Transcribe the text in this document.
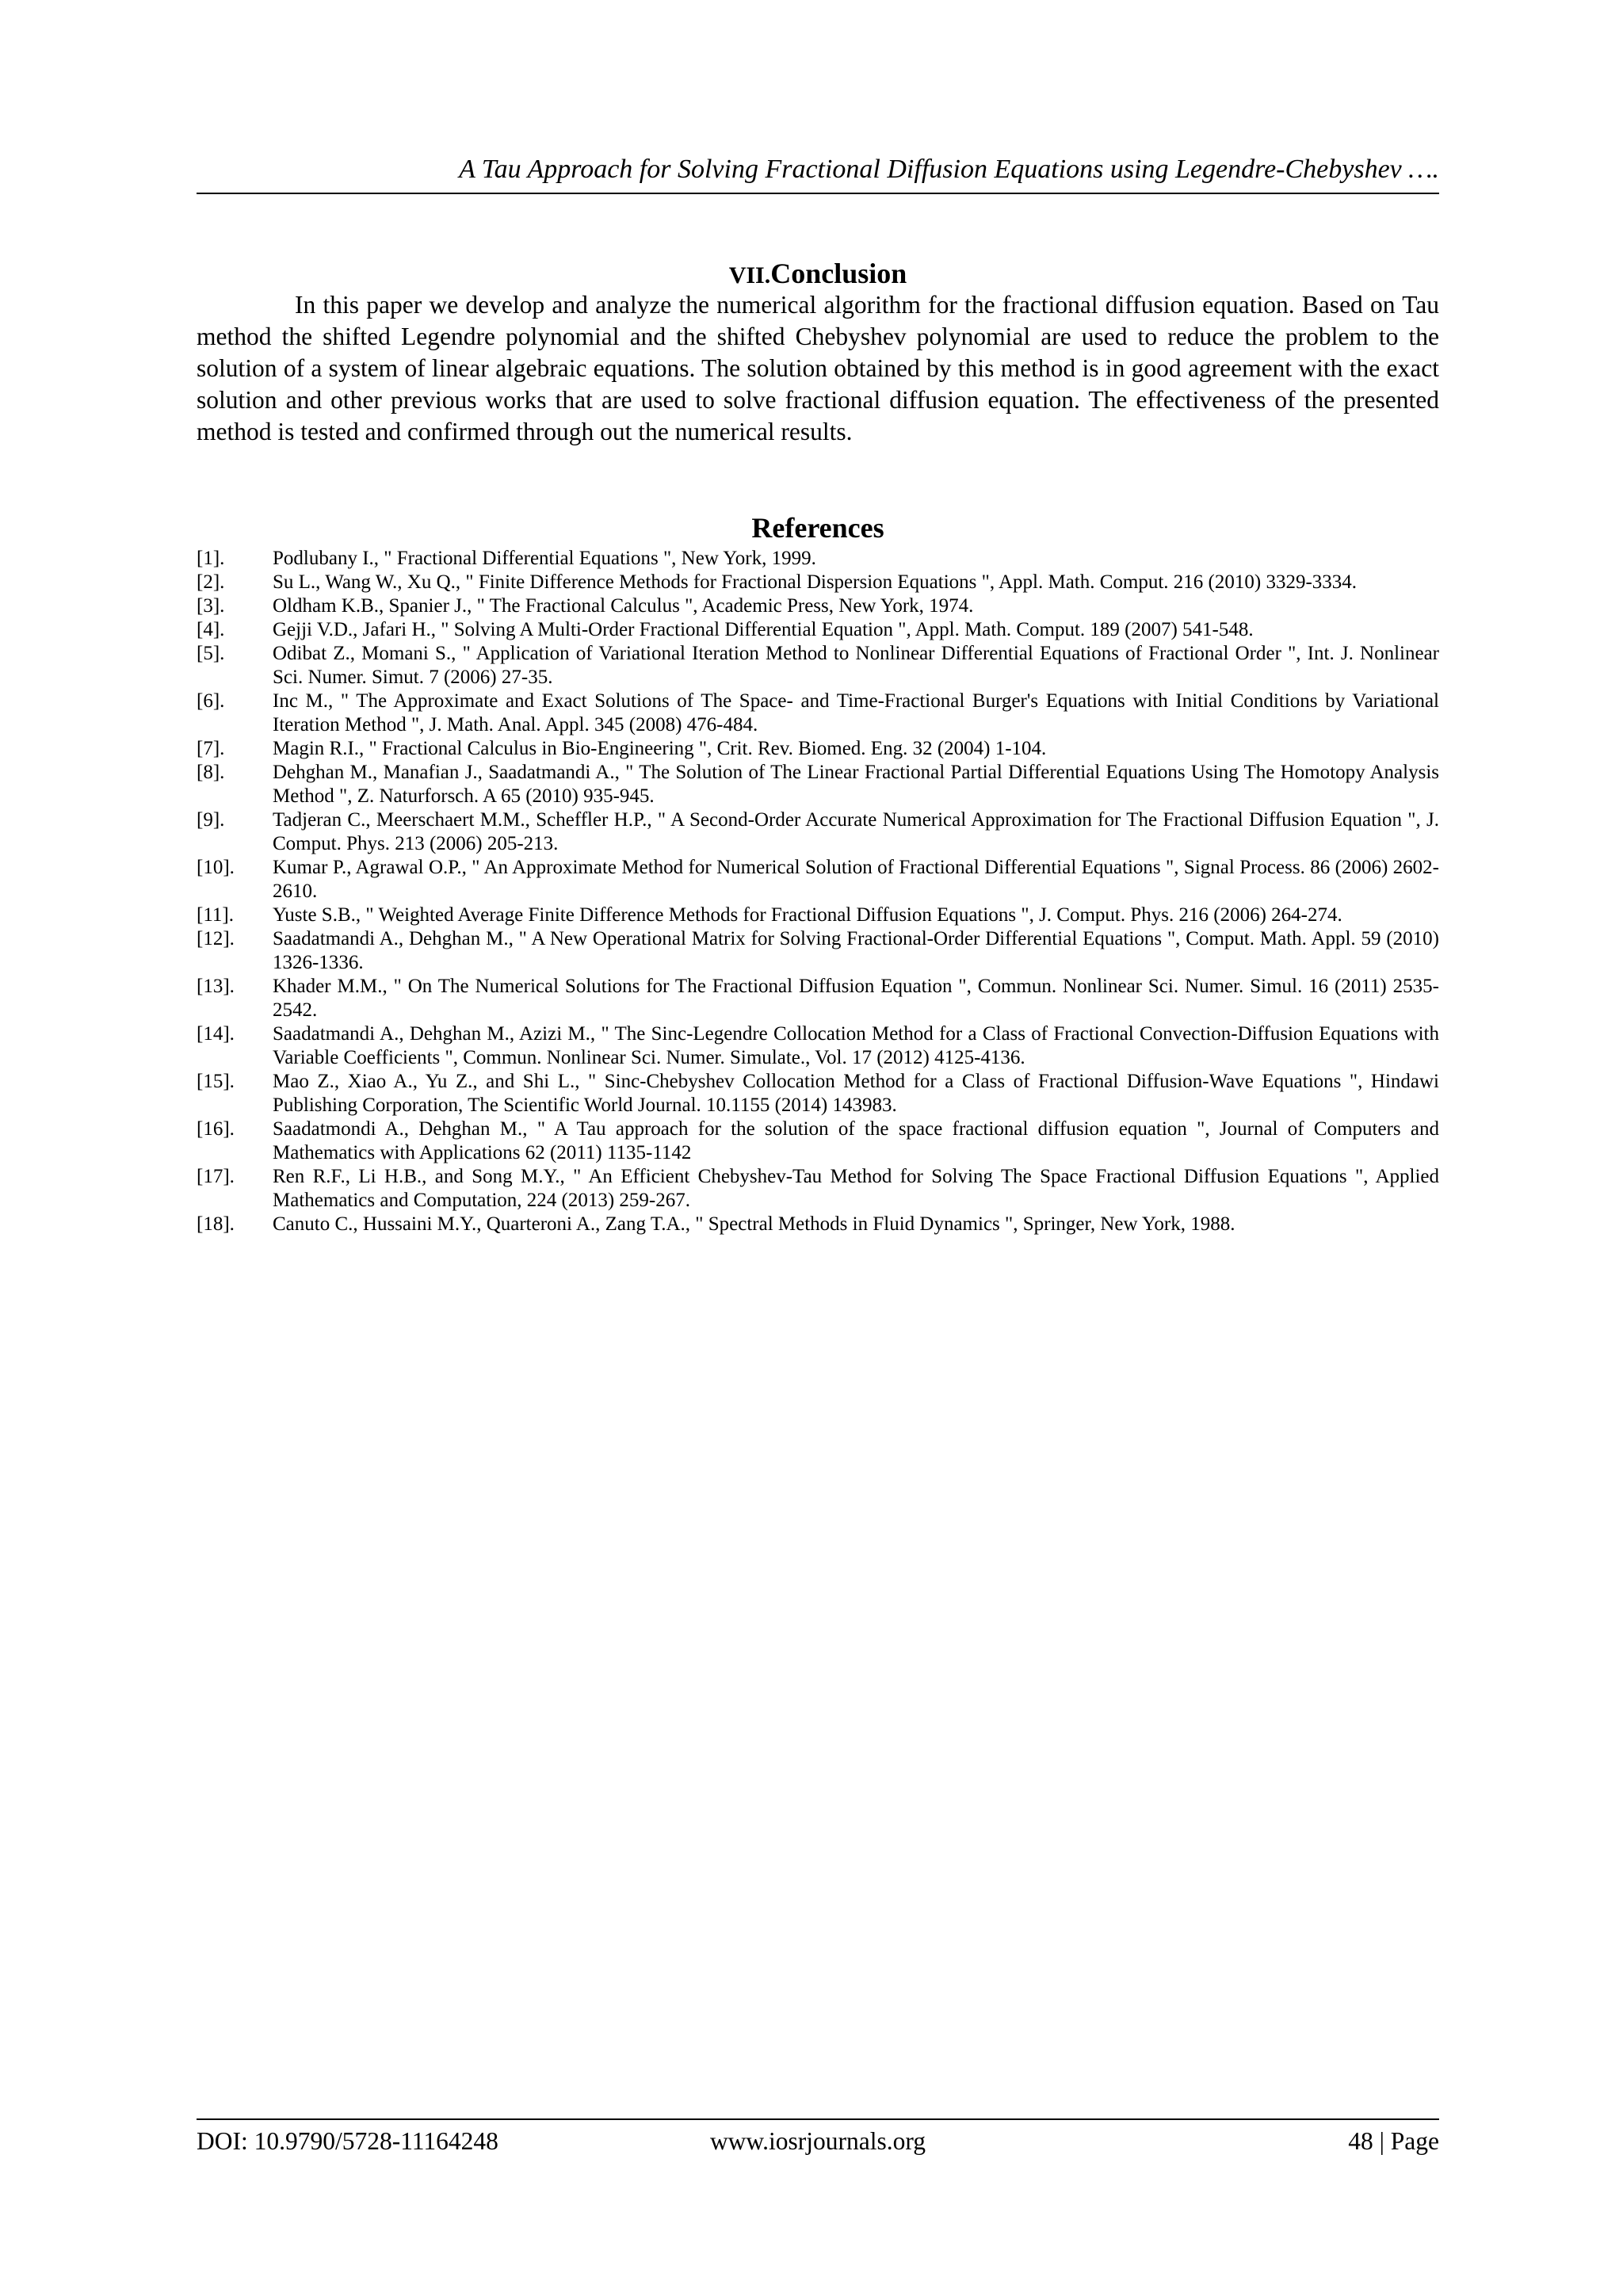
A Tau Approach for Solving Fractional Diffusion Equations using Legendre-Chebyshev ….
VII.Conclusion

In this paper we develop and analyze the numerical algorithm for the fractional diffusion equation. Based on Tau method the shifted Legendre polynomial and the shifted Chebyshev polynomial are used to reduce the problem to the solution of a system of linear algebraic equations. The solution obtained by this method is in good agreement with the exact solution and other previous works that are used to solve fractional diffusion equation. The effectiveness of the presented method is tested and confirmed through out the numerical results.

References
[1].	Podlubany I., " Fractional Differential Equations ", New York, 1999.
[2].	Su L., Wang W., Xu Q., " Finite Difference Methods for Fractional Dispersion Equations ", Appl. Math. Comput. 216 (2010) 3329-3334.
[3].	Oldham K.B., Spanier J., " The Fractional Calculus ", Academic Press, New York, 1974.
[4].	Gejji V.D., Jafari H., " Solving A Multi-Order Fractional Differential Equation ", Appl. Math. Comput. 189 (2007) 541-548.
[5].	Odibat Z., Momani S., " Application of Variational Iteration Method to Nonlinear Differential Equations of Fractional Order ", Int. J. Nonlinear Sci. Numer. Simut. 7 (2006) 27-35.
[6].	Inc M., " The Approximate and Exact Solutions of The Space- and Time-Fractional Burger's Equations with Initial Conditions by Variational Iteration Method ", J. Math. Anal. Appl. 345 (2008) 476-484.
[7].	Magin R.I., " Fractional Calculus in Bio-Engineering ", Crit. Rev. Biomed. Eng. 32 (2004) 1-104.
[8].	Dehghan M., Manafian J., Saadatmandi A., " The Solution of The Linear Fractional Partial Differential Equations Using The Homotopy Analysis Method ", Z. Naturforsch. A 65 (2010) 935-945.
[9].	Tadjeran C., Meerschaert M.M., Scheffler H.P., " A Second-Order Accurate Numerical Approximation for The Fractional Diffusion Equation ", J. Comput. Phys. 213 (2006) 205-213.
[10].	Kumar P., Agrawal O.P., " An Approximate Method for Numerical Solution of Fractional Differential Equations ", Signal Process. 86 (2006) 2602-2610.
[11].	Yuste S.B., " Weighted Average Finite Difference Methods for Fractional Diffusion Equations ", J. Comput. Phys. 216 (2006) 264-274.
[12].	Saadatmandi A., Dehghan M., " A New Operational Matrix for Solving Fractional-Order Differential Equations ", Comput. Math. Appl. 59 (2010) 1326-1336.
[13].	Khader M.M., " On The Numerical Solutions for The Fractional Diffusion Equation ", Commun. Nonlinear Sci. Numer. Simul. 16 (2011) 2535-2542.
[14].	Saadatmandi A., Dehghan M., Azizi M., " The Sinc-Legendre Collocation Method for a Class of Fractional Convection-Diffusion Equations with Variable Coefficients ", Commun. Nonlinear Sci. Numer. Simulate., Vol. 17 (2012) 4125-4136.
[15].	Mao Z., Xiao A., Yu Z., and Shi L., " Sinc-Chebyshev Collocation Method for a Class of Fractional Diffusion-Wave Equations ", Hindawi Publishing Corporation, The Scientific World Journal. 10.1155 (2014) 143983.
[16].	Saadatmondi A., Dehghan M., " A Tau approach for the solution of the space fractional diffusion equation ", Journal of Computers and Mathematics with Applications 62 (2011) 1135-1142
[17].	Ren R.F., Li H.B., and Song M.Y., " An Efficient Chebyshev-Tau Method for Solving The Space Fractional Diffusion Equations ", Applied Mathematics and Computation, 224 (2013) 259-267.
[18].	Canuto C., Hussaini M.Y., Quarteroni A., Zang T.A., " Spectral Methods in Fluid Dynamics ", Springer, New York, 1988.
DOI: 10.9790/5728-11164248	www.iosrjournals.org	48 | Page
